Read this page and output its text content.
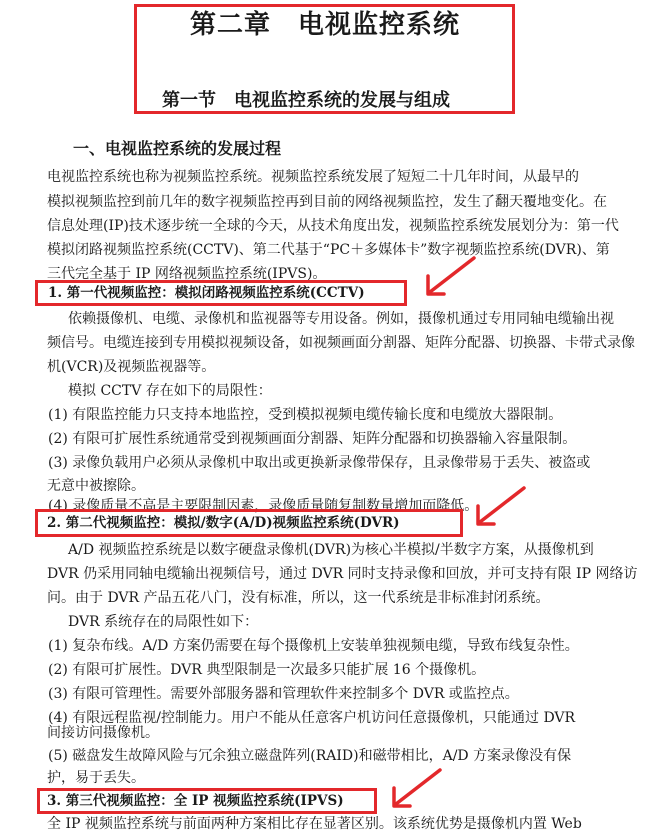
第二章　电视监控系统
第一节　电视监控系统的发展与组成
一、电视监控系统的发展过程
电视监控系统也称为视频监控系统。视频监控系统发展了短短二十几年时间，从最早的
模拟视频监控到前几年的数字视频监控再到目前的网络视频监控，发生了翻天覆地变化。在
信息处理(IP)技术逐步统一全球的今天，从技术角度出发，视频监控系统发展划分为：第一代
模拟闭路视频监控系统(CCTV)、第二代基于“PC＋多媒体卡”数字视频监控系统(DVR)、第
三代完全基于 IP 网络视频监控系统(IPVS)。
1. 第一代视频监控：模拟闭路视频监控系统(CCTV)
依赖摄像机、电缆、录像机和监视器等专用设备。例如，摄像机通过专用同轴电缆输出视
频信号。电缆连接到专用模拟视频设备，如视频画面分割器、矩阵分配器、切换器、卡带式录像
机(VCR)及视频监视器等。
模拟 CCTV 存在如下的局限性：
(1) 有限监控能力只支持本地监控，受到模拟视频电缆传输长度和电缆放大器限制。
(2) 有限可扩展性系统通常受到视频画面分割器、矩阵分配器和切换器输入容量限制。
(3) 录像负载用户必须从录像机中取出或更换新录像带保存，且录像带易于丢失、被盗或
无意中被擦除。
(4) 录像质量不高是主要限制因素，录像质量随复制数量增加而降低。
2. 第二代视频监控：模拟/数字(A/D)视频监控系统(DVR)
A/D 视频监控系统是以数字硬盘录像机(DVR)为核心半模拟/半数字方案，从摄像机到
DVR 仍采用同轴电缆输出视频信号，通过 DVR 同时支持录像和回放，并可支持有限 IP 网络访
问。由于 DVR 产品五花八门，没有标准，所以，这一代系统是非标准封闭系统。
DVR 系统存在的局限性如下：
(1) 复杂布线。A/D 方案仍需要在每个摄像机上安装单独视频电缆，导致布线复杂性。
(2) 有限可扩展性。DVR 典型限制是一次最多只能扩展 16 个摄像机。
(3) 有限可管理性。需要外部服务器和管理软件来控制多个 DVR 或监控点。
(4) 有限远程监视/控制能力。用户不能从任意客户机访问任意摄像机，只能通过 DVR
间接访问摄像机。
(5) 磁盘发生故障风险与冗余独立磁盘阵列(RAID)和磁带相比，A/D 方案录像没有保
护，易于丢失。
3. 第三代视频监控：全 IP 视频监控系统(IPVS)
全 IP 视频监控系统与前面两种方案相比存在显著区别。该系统优势是摄像机内置 Web
